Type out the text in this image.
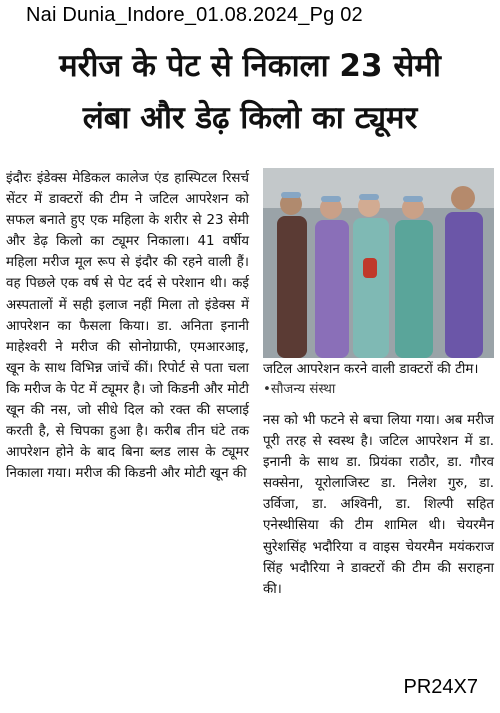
Nai Dunia_Indore_01.08.2024_Pg 02
मरीज के पेट से निकाला 23 सेमी
लंबा और डेढ़ किलो का ट्यूमर

इंदौरः इंडेक्स मेडिकल कालेज एंड हास्पिटल रिसर्च सेंटर में डाक्टरों की टीम ने जटिल आपरेशन को सफल बनाते हुए एक महिला के शरीर से 23 सेमी और डेढ़ किलो का ट्यूमर निकाला। 41 वर्षीय महिला मरीज मूल रूप से इंदौर की रहने वाली हैं। वह पिछले एक वर्ष से पेट दर्द से परेशान थी। कई अस्पतालों में सही इलाज नहीं मिला तो इंडेक्स में आपरेशन का फैसला किया। डा. अनिता इनानी माहेश्वरी ने मरीज की सोनोग्राफी, एमआरआइ, खून के साथ विभिन्न जांचें कीं। रिपोर्ट से पता चला कि मरीज के पेट में ट्यूमर है। जो किडनी और मोटी खून की नस, जो सीधे दिल को रक्त की सप्लाई करती है, से चिपका हुआ है। करीब तीन घंटे तक आपरेशन होने के बाद बिना ब्लड लास के ट्यूमर निकाला गया। मरीज की किडनी और मोटी खून की

जटिल आपरेशन करने वाली डाक्टरों की टीम। •सौजन्य संस्था

नस को भी फटने से बचा लिया गया। अब मरीज पूरी तरह से स्वस्थ है। जटिल आपरेशन में डा. इनानी के साथ डा. प्रियंका राठौर, डा. गौरव सक्सेना, यूरोलाजिस्ट डा. निलेश गुरु, डा. उर्विजा, डा. अश्विनी, डा. शिल्पी सहित एनेस्थीसिया की टीम शामिल थी। चेयरमैन सुरेशसिंह भदौरिया व वाइस चेयरमैन मयंकराज सिंह भदौरिया ने डाक्टरों की टीम की सराहना की।

PR24X7
